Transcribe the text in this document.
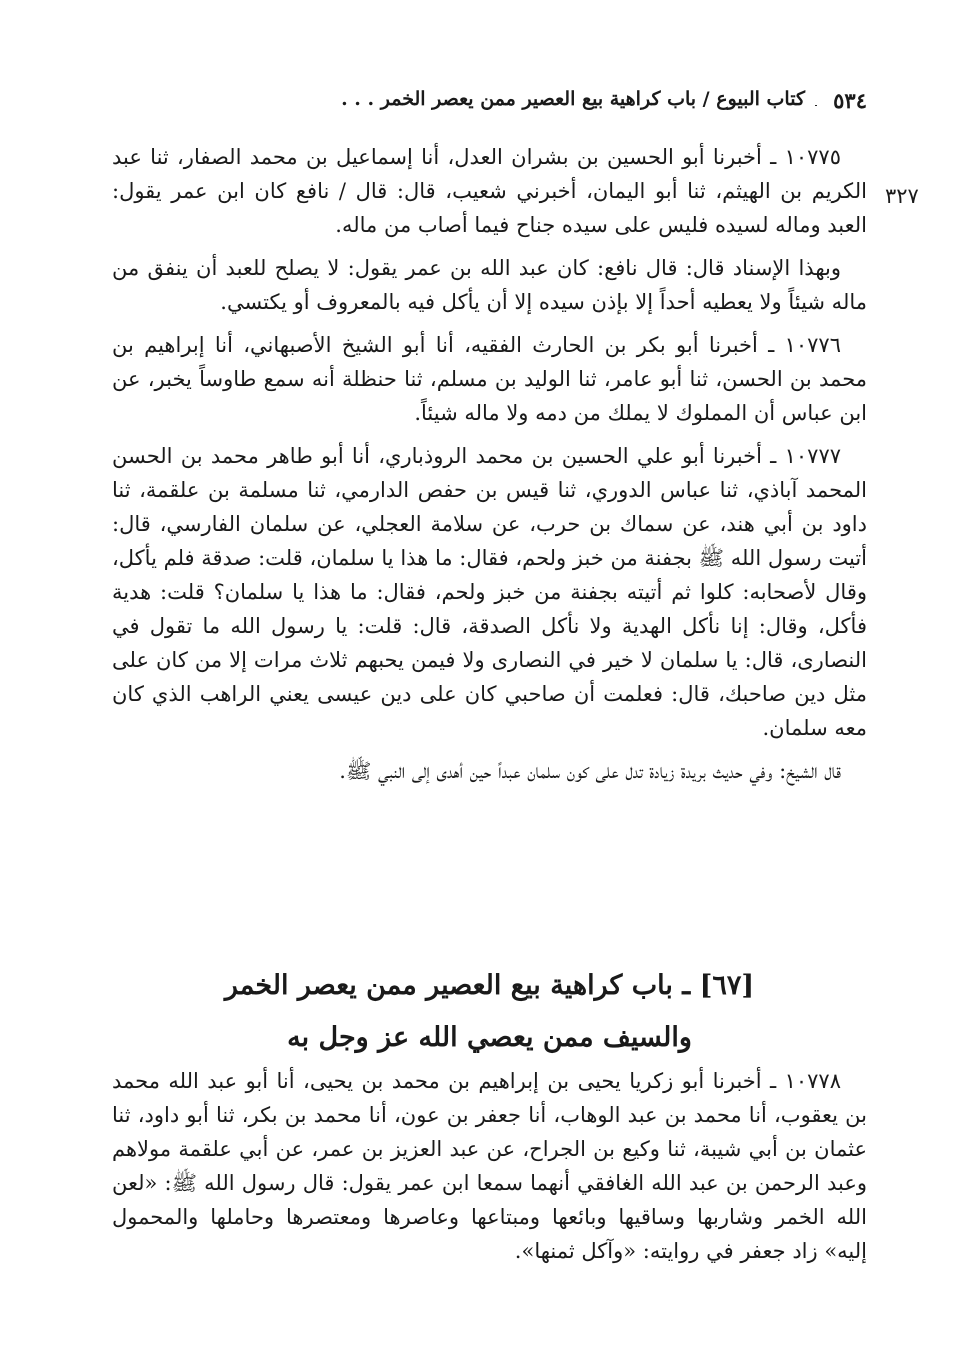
٥٣٤
كتاب البيوع / باب كراهية بيع العصير ممن يعصر الخمر . . .
٣٢٧

١٠٧٧٥ ـ أخبرنا أبو الحسين بن بشران العدل، أنا إسماعيل بن محمد الصفار، ثنا عبد الكريم بن الهيثم، ثنا أبو اليمان، أخبرني شعيب، قال: قال / نافع كان ابن عمر يقول: العبد وماله لسيده فليس على سيده جناح فيما أصاب من ماله.

وبهذا الإسناد قال: قال نافع: كان عبد الله بن عمر يقول: لا يصلح للعبد أن ينفق من ماله شيئاً ولا يعطيه أحداً إلا بإذن سيده إلا أن يأكل فيه بالمعروف أو يكتسي.

١٠٧٧٦ ـ أخبرنا أبو بكر بن الحارث الفقيه، أنا أبو الشيخ الأصبهاني، أنا إبراهيم بن محمد بن الحسن، ثنا أبو عامر، ثنا الوليد بن مسلم، ثنا حنظلة أنه سمع طاوساً يخبر، عن ابن عباس أن المملوك لا يملك من دمه ولا ماله شيئاً.

١٠٧٧٧ ـ أخبرنا أبو علي الحسين بن محمد الروذباري، أنا أبو طاهر محمد بن الحسن المحمد آباذي، ثنا عباس الدوري، ثنا قيس بن حفص الدارمي، ثنا مسلمة بن علقمة، ثنا داود بن أبي هند، عن سماك بن حرب، عن سلامة العجلي، عن سلمان الفارسي، قال: أتيت رسول الله ﷺ بجفنة من خبز ولحم، فقال: ما هذا يا سلمان، قلت: صدقة فلم يأكل، وقال لأصحابه: كلوا ثم أتيته بجفنة من خبز ولحم، فقال: ما هذا يا سلمان؟ قلت: هدية فأكل، وقال: إنا نأكل الهدية ولا نأكل الصدقة، قال: قلت: يا رسول الله ما تقول في النصارى، قال: يا سلمان لا خير في النصارى ولا فيمن يحبهم ثلاث مرات إلا من كان على مثل دين صاحبك، قال: فعلمت أن صاحبي كان على دين عيسى يعني الراهب الذي كان معه سلمان.

قال الشيخ: وفي حديث بريدة زيادة تدل على كون سلمان عبداً حين أهدى إلى النبي ﷺ.

[٦٧] ـ باب كراهية بيع العصير ممن يعصر الخمر
والسيف ممن يعصي الله عز وجل به

١٠٧٧٨ ـ أخبرنا أبو زكريا يحيى بن إبراهيم بن محمد بن يحيى، أنا أبو عبد الله محمد بن يعقوب، أنا محمد بن عبد الوهاب، أنا جعفر بن عون، أنا محمد بن بكر، ثنا أبو داود، ثنا عثمان بن أبي شيبة، ثنا وكيع بن الجراح، عن عبد العزيز بن عمر، عن أبي علقمة مولاهم وعبد الرحمن بن عبد الله الغافقي أنهما سمعا ابن عمر يقول: قال رسول الله ﷺ: «لعن الله الخمر وشاربها وساقيها وبائعها ومبتاعها وعاصرها ومعتصرها وحاملها والمحمول إليه» زاد جعفر في روايته: «وآكل ثمنها».
